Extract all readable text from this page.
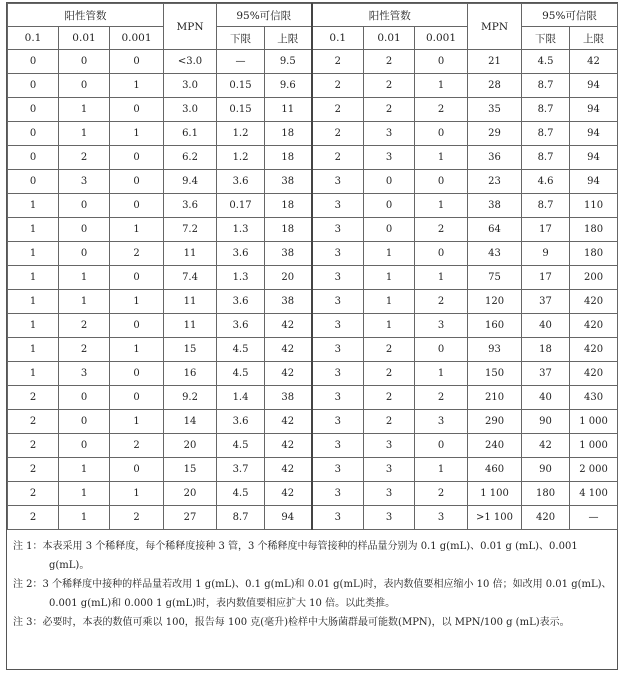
阳性管数			MPN	95%可信限		阳性管数			MPN	95%可信限	
0.1	0.01	0.001		下限	上限	0.1	0.01	0.001		下限	上限
0	0	0	<3.0	—	9.5	2	2	0	21	4.5	42
0	0	1	3.0	0.15	9.6	2	2	1	28	8.7	94
0	1	0	3.0	0.15	11	2	2	2	35	8.7	94
0	1	1	6.1	1.2	18	2	3	0	29	8.7	94
0	2	0	6.2	1.2	18	2	3	1	36	8.7	94
0	3	0	9.4	3.6	38	3	0	0	23	4.6	94
1	0	0	3.6	0.17	18	3	0	1	38	8.7	110
1	0	1	7.2	1.3	18	3	0	2	64	17	180
1	0	2	11	3.6	38	3	1	0	43	9	180
1	1	0	7.4	1.3	20	3	1	1	75	17	200
1	1	1	11	3.6	38	3	1	2	120	37	420
1	2	0	11	3.6	42	3	1	3	160	40	420
1	2	1	15	4.5	42	3	2	0	93	18	420
1	3	0	16	4.5	42	3	2	1	150	37	420
2	0	0	9.2	1.4	38	3	2	2	210	40	430
2	0	1	14	3.6	42	3	2	3	290	90	1 000
2	0	2	20	4.5	42	3	3	0	240	42	1 000
2	1	0	15	3.7	42	3	3	1	460	90	2 000
2	1	1	20	4.5	42	3	3	2	1 100	180	4 100
2	1	2	27	8.7	94	3	3	3	>1 100	420	—

注 1：本表采用 3 个稀释度，每个稀释度接种 3 管，3 个稀释度中每管接种的样品量分别为 0.1 g(mL)、0.01 g (mL)、0.001 g(mL)。

注 2：3 个稀释度中接种的样品量若改用 1 g(mL)、0.1 g(mL)和 0.01 g(mL)时，表内数值要相应缩小 10 倍；如改用 0.01 g(mL)、0.001 g(mL)和 0.000 1 g(mL)时，表内数值要相应扩大 10 倍。以此类推。

注 3：必要时，本表的数值可乘以 100，报告每 100 克(毫升)检样中大肠菌群最可能数(MPN)，以 MPN/100 g (mL)表示。
